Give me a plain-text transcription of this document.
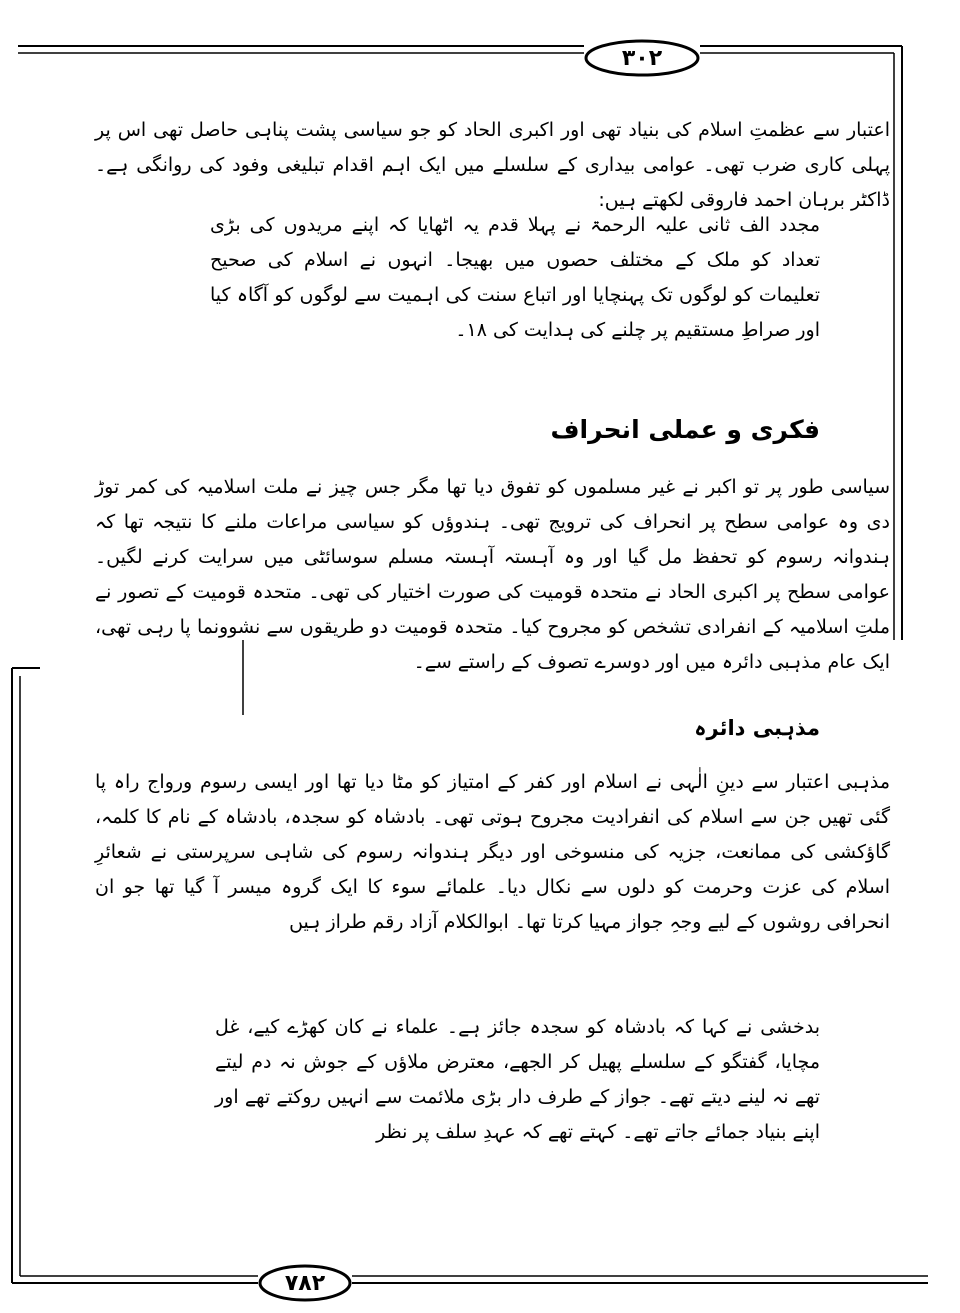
۳۰۲

اعتبار سے عظمتِ اسلام کی بنیاد تھی اور اکبری الحاد کو جو سیاسی پشت پناہی حاصل تھی اس پر پہلی کاری ضرب تھی۔ عوامی بیداری کے سلسلے میں ایک اہم اقدام تبلیغی وفود کی روانگی ہے۔ ڈاکٹر برہان احمد فاروقی لکھتے ہیں:

مجدد الف ثانی علیہ الرحمۃ نے پہلا قدم یہ اٹھایا کہ اپنے مریدوں کی بڑی تعداد کو ملک کے مختلف حصوں میں بھیجا۔ انہوں نے اسلام کی صحیح تعلیمات کو لوگوں تک پہنچایا اور اتباع سنت کی اہمیت سے لوگوں کو آگاہ کیا اور صراطِ مستقیم پر چلنے کی ہدایت کی ۱۸۔

فکری و عملی انحراف

سیاسی طور پر تو اکبر نے غیر مسلموں کو تفوق دیا تھا مگر جس چیز نے ملت اسلامیہ کی کمر توڑ دی وہ عوامی سطح پر انحراف کی ترویج تھی۔ ہندوؤں کو سیاسی مراعات ملنے کا نتیجہ تھا کہ ہندوانہ رسوم کو تحفظ مل گیا اور وہ آہستہ آہستہ مسلم سوسائٹی میں سرایت کرنے لگیں۔ عوامی سطح پر اکبری الحاد نے متحدہ قومیت کی صورت اختیار کی تھی۔ متحدہ قومیت کے تصور نے ملتِ اسلامیہ کے انفرادی تشخص کو مجروح کیا۔ متحدہ قومیت دو طریقوں سے نشوونما پا رہی تھی، ایک عام مذہبی دائرہ میں اور دوسرے تصوف کے راستے سے۔

مذہبی دائرہ

مذہبی اعتبار سے دینِ الٰہی نے اسلام اور کفر کے امتیاز کو مٹا دیا تھا اور ایسی رسوم ورواج راہ پا گئی تھیں جن سے اسلام کی انفرادیت مجروح ہوتی تھی۔ بادشاہ کو سجدہ، بادشاہ کے نام کا کلمہ، گاؤکشی کی ممانعت، جزیہ کی منسوخی اور دیگر ہندوانہ رسوم کی شاہی سرپرستی نے شعائرِ اسلام کی عزت وحرمت کو دلوں سے نکال دیا۔ علمائے سوء کا ایک گروہ میسر آ گیا تھا جو ان انحرافی روشوں کے لیے وجہِ جواز مہیا کرتا تھا۔ ابوالکلام آزاد رقم طراز ہیں

بدخشی نے کہا کہ بادشاہ کو سجدہ جائز ہے۔ علماء نے کان کھڑے کیے، غل مچایا، گفتگو کے سلسلے پھیل کر الجھے، معترض ملاؤں کے جوش نہ دم لیتے تھے نہ لینے دیتے تھے۔ جواز کے طرف دار بڑی ملائمت سے انہیں روکتے تھے اور اپنے بنیاد جمائے جاتے تھے۔ کہتے تھے کہ عہدِ سلف پر نظر

۷۸۲
